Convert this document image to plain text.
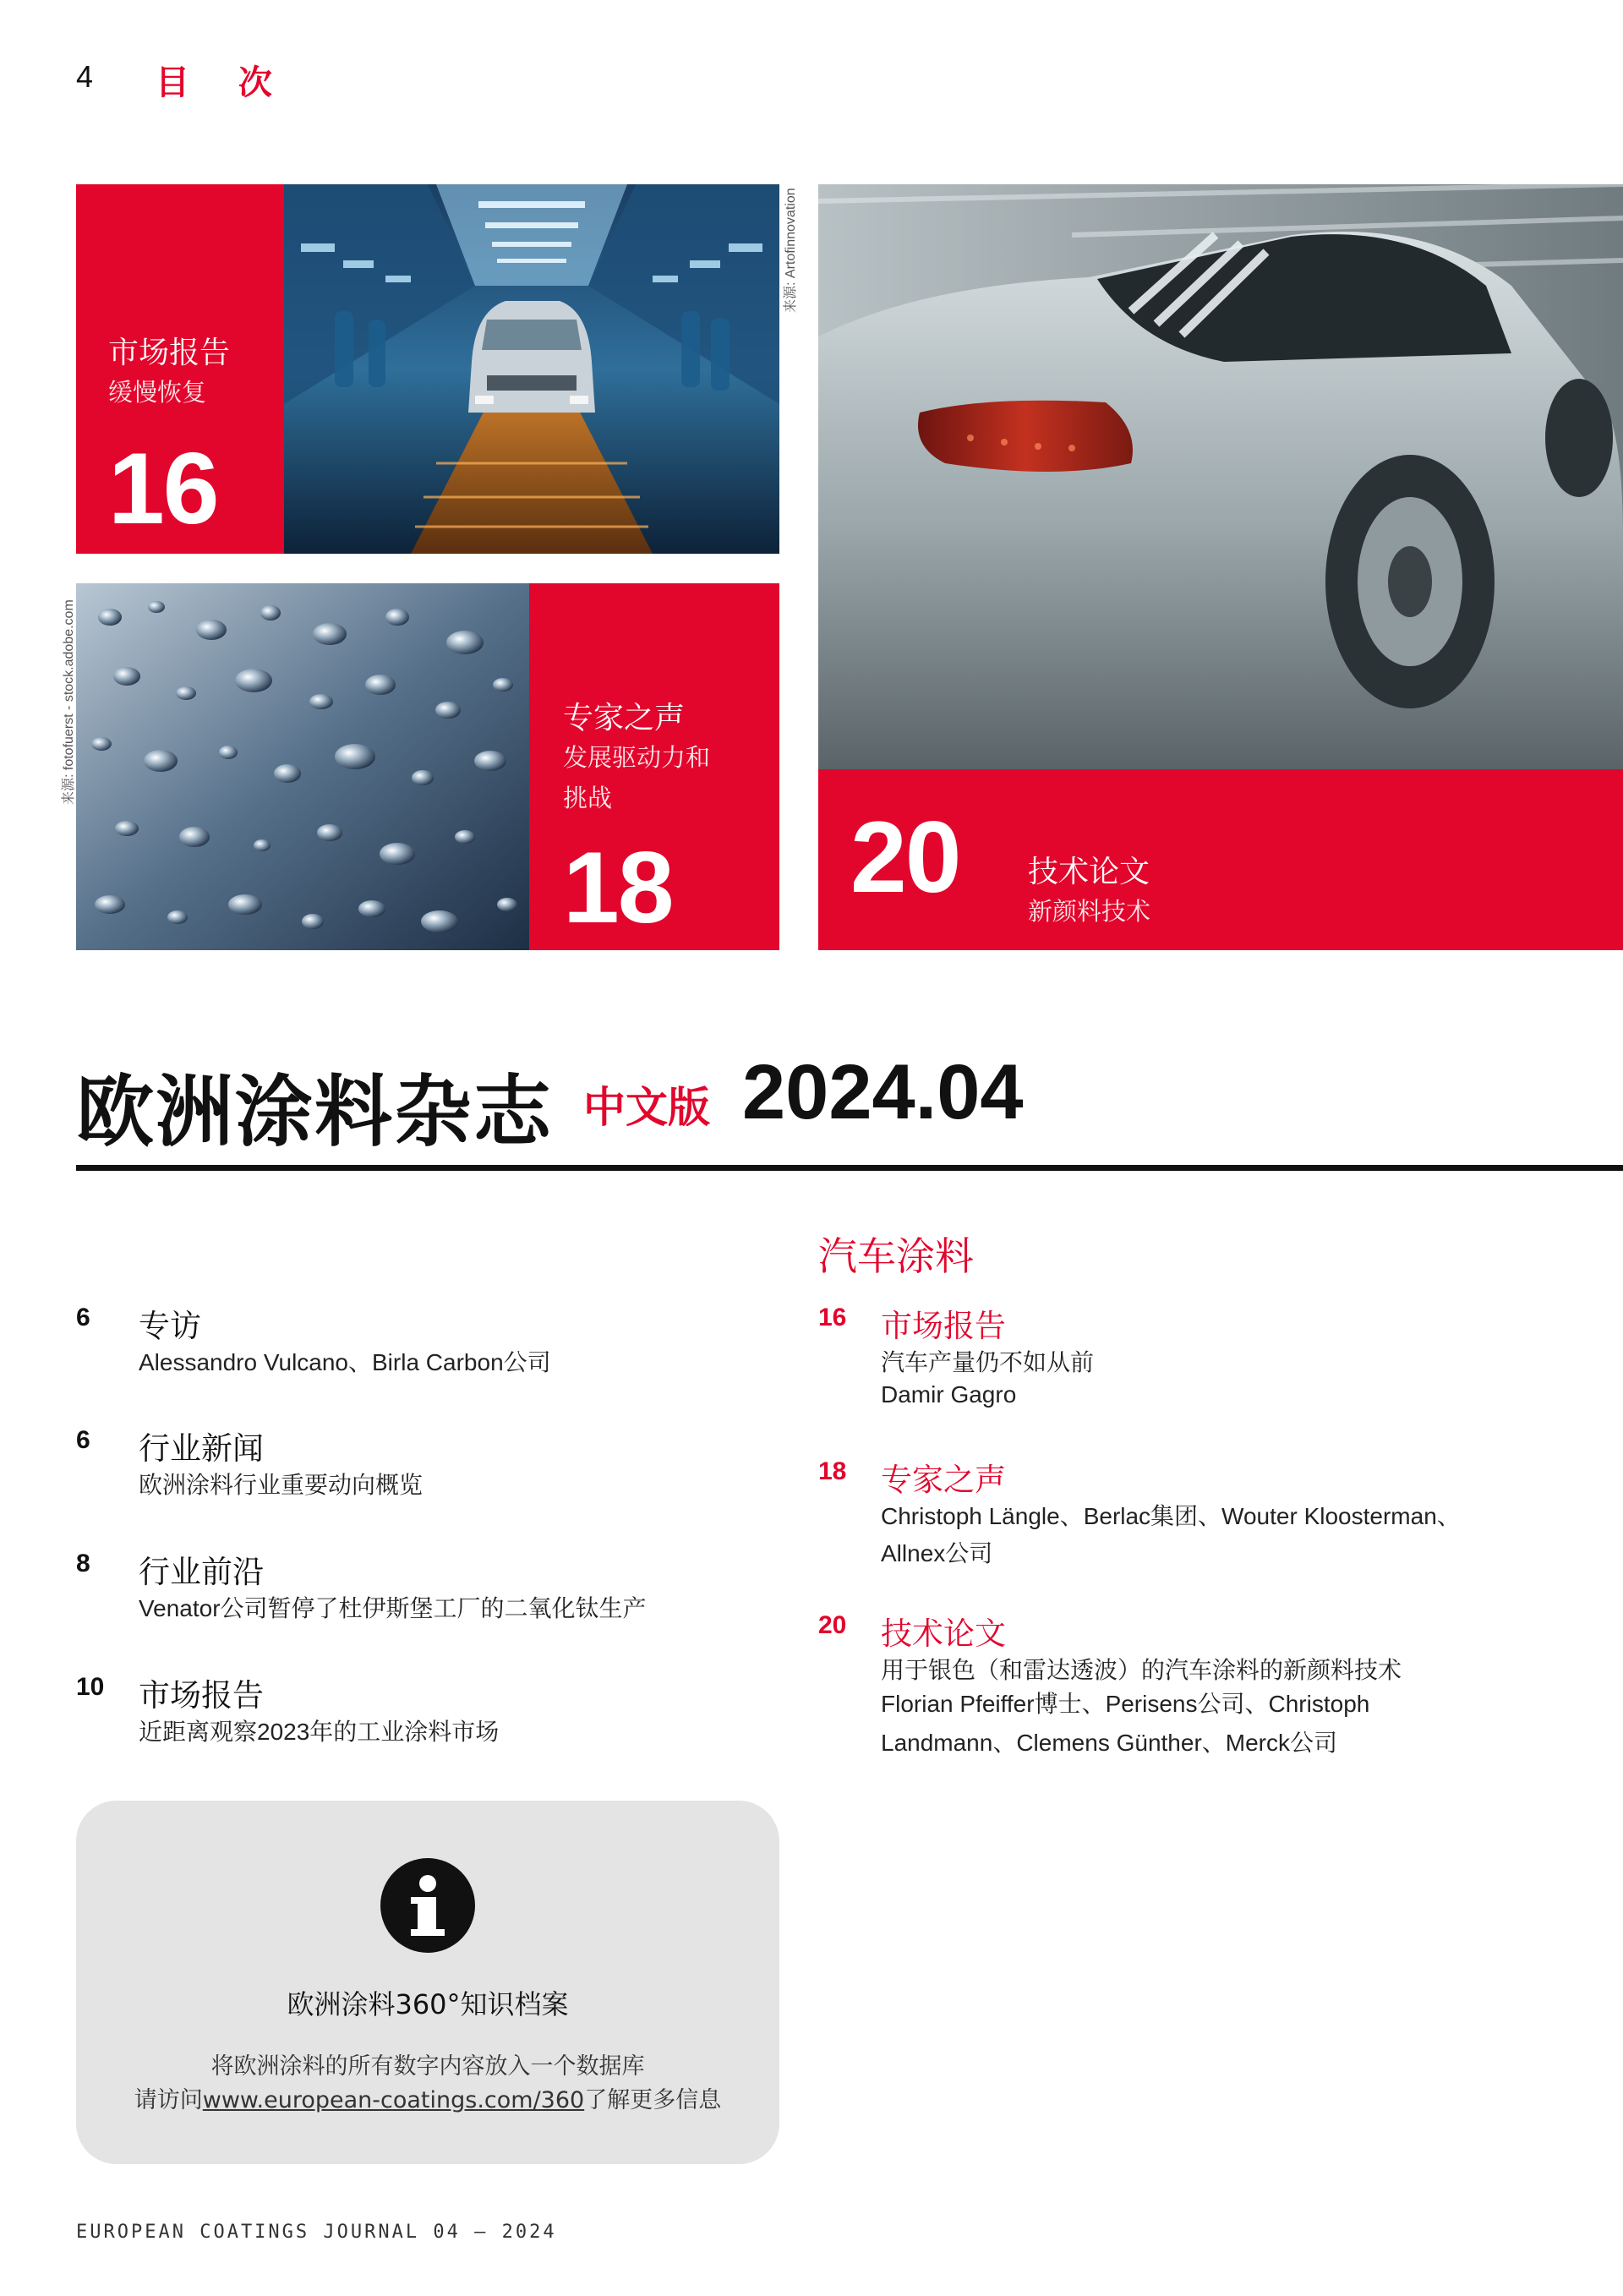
4 目 次
市场报告
缓慢恢复
16
来源: Artofinnovation
专家之声
发展驱动力和
挑战
18
来源: fotofuerst - stock.adobe.com
20 技术论文
新颜料技术
欧洲涂料杂志 中文版 2024.04
6 专访
Alessandro Vulcano、Birla Carbon公司
6 行业新闻
欧洲涂料行业重要动向概览
8 行业前沿
Venator公司暂停了杜伊斯堡工厂的二氧化钛生产
10 市场报告
近距离观察2023年的工业涂料市场
汽车涂料
16 市场报告
汽车产量仍不如从前
Damir Gagro
18 专家之声
Christoph Längle、Berlac集团、Wouter Kloosterman、
Allnex公司
20 技术论文
用于银色（和雷达透波）的汽车涂料的新颜料技术
Florian Pfeiffer博士、Perisens公司、Christoph
Landmann、Clemens Günther、Merck公司
欧洲涂料360°知识档案
将欧洲涂料的所有数字内容放入一个数据库
请访问www.european-coatings.com/360了解更多信息
EUROPEAN COATINGS JOURNAL 04 – 2024
